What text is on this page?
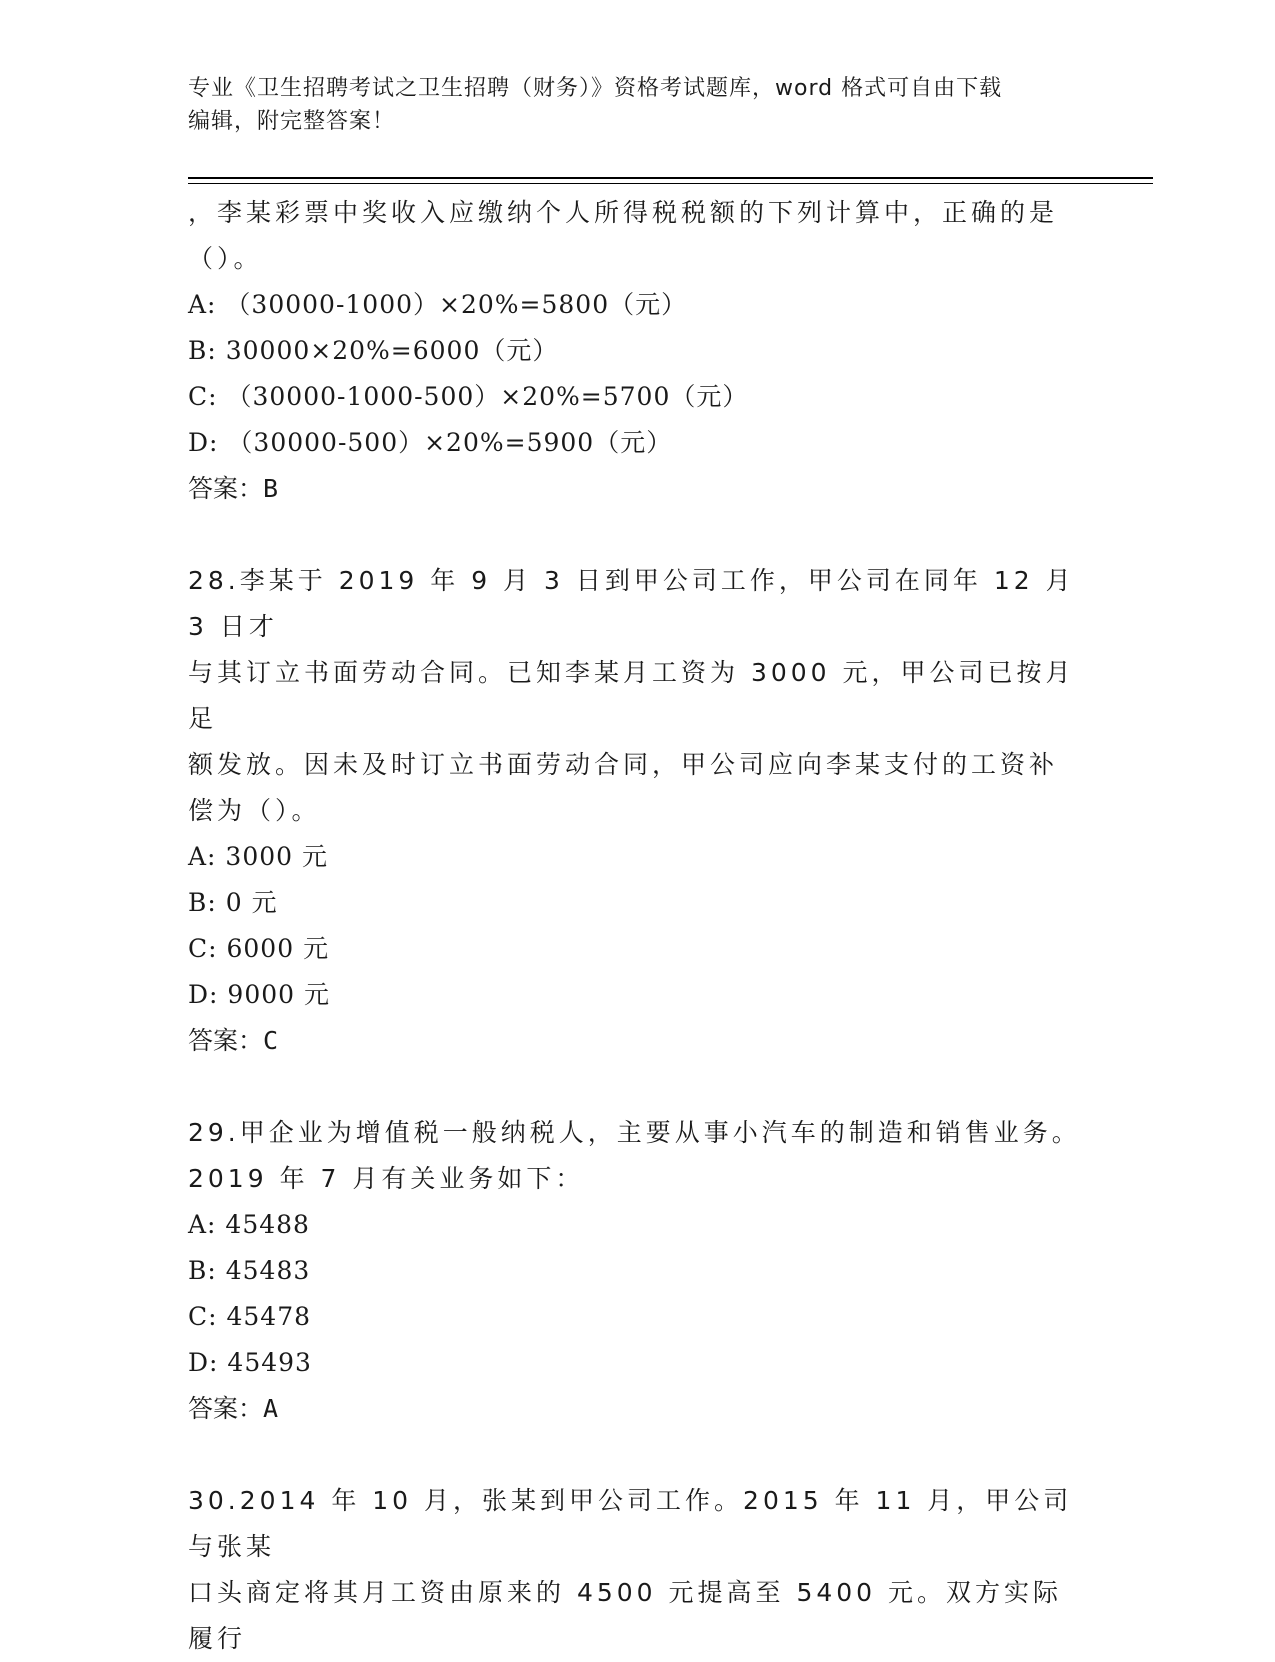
专业《卫生招聘考试之卫生招聘（财务）》资格考试题库，word 格式可自由下载
编辑，附完整答案！

，李某彩票中奖收入应缴纳个人所得税税额的下列计算中，正确的是

（）。

A: （30000-1000）×20%=5800（元）

B: 30000×20%=6000（元）

C: （30000-1000-500）×20%=5700（元）

D: （30000-500）×20%=5900（元）

答案：B

28.李某于 2019 年 9 月 3 日到甲公司工作，甲公司在同年 12 月 3 日才

与其订立书面劳动合同。已知李某月工资为 3000 元，甲公司已按月足

额发放。因未及时订立书面劳动合同，甲公司应向李某支付的工资补

偿为（）。

A: 3000 元

B: 0 元

C: 6000 元

D: 9000 元

答案：C

29.甲企业为增值税一般纳税人，主要从事小汽车的制造和销售业务。

2019 年 7 月有关业务如下：

A: 45488

B: 45483

C: 45478

D: 45493

答案：A

30.2014 年 10 月，张某到甲公司工作。2015 年 11 月，甲公司与张某

口头商定将其月工资由原来的 4500 元提高至 5400 元。双方实际履行
